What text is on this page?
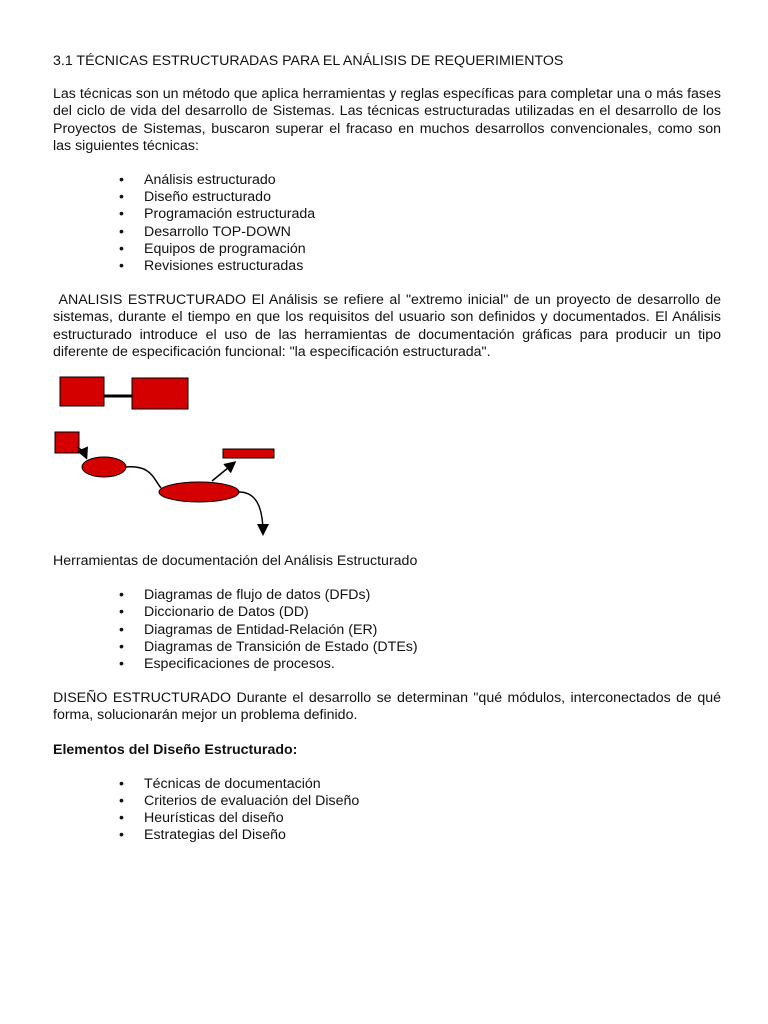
3.1 TÉCNICAS ESTRUCTURADAS PARA EL ANÁLISIS DE REQUERIMIENTOS

Las técnicas son un método que aplica herramientas y reglas específicas para completar una o más fases del ciclo de vida del desarrollo de Sistemas. Las técnicas estructuradas utilizadas en el desarrollo de los Proyectos de Sistemas, buscaron superar el fracaso en muchos desarrollos convencionales, como son las siguientes técnicas:

• Análisis estructurado
• Diseño estructurado
• Programación estructurada
• Desarrollo TOP-DOWN
• Equipos de programación
• Revisiones estructuradas

ANALISIS ESTRUCTURADO El Análisis se refiere al "extremo inicial" de un proyecto de desarrollo de sistemas, durante el tiempo en que los requisitos del usuario son definidos y documentados. El Análisis estructurado introduce el uso de las herramientas de documentación gráficas para producir un tipo diferente de especificación funcional: "la especificación estructurada".

Herramientas de documentación del Análisis Estructurado

• Diagramas de flujo de datos (DFDs)
• Diccionario de Datos (DD)
• Diagramas de Entidad-Relación (ER)
• Diagramas de Transición de Estado (DTEs)
• Especificaciones de procesos.

DISEÑO ESTRUCTURADO Durante el desarrollo se determinan "qué módulos, interconectados de qué forma, solucionarán mejor un problema definido.

Elementos del Diseño Estructurado:

• Técnicas de documentación
• Criterios de evaluación del Diseño
• Heurísticas del diseño
• Estrategias del Diseño
